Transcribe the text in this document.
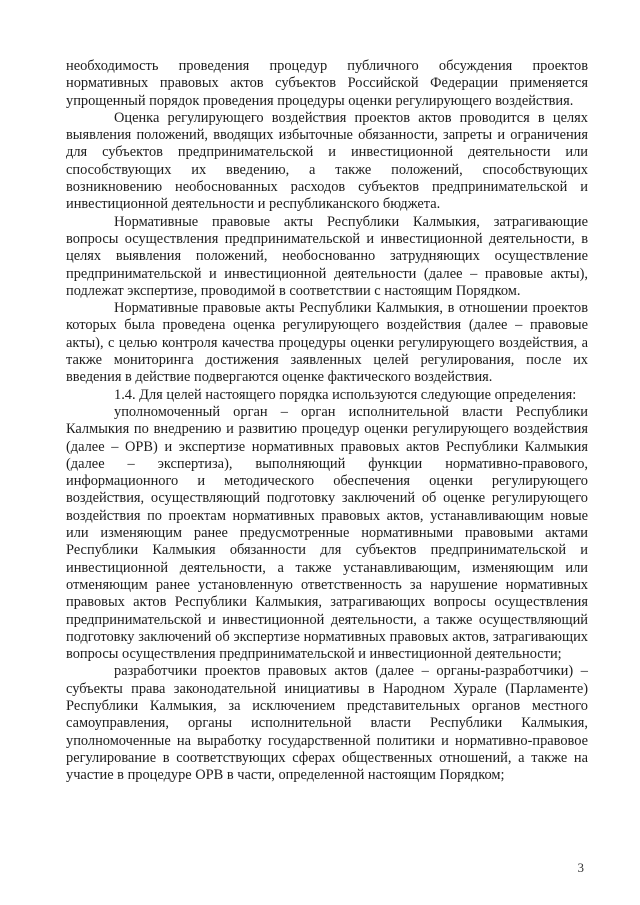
необходимость проведения процедур публичного обсуждения проектов нормативных правовых актов субъектов Российской Федерации применяется упрощенный порядок проведения процедуры оценки регулирующего воздействия.

Оценка регулирующего воздействия проектов актов проводится в целях выявления положений, вводящих избыточные обязанности, запреты и ограничения для субъектов предпринимательской и инвестиционной деятельности или способствующих их введению, а также положений, способствующих возникновению необоснованных расходов субъектов предпринимательской и инвестиционной деятельности и республиканского бюджета.

Нормативные правовые акты Республики Калмыкия, затрагивающие вопросы осуществления предпринимательской и инвестиционной деятельности, в целях выявления положений, необоснованно затрудняющих осуществление предпринимательской и инвестиционной деятельности (далее – правовые акты), подлежат экспертизе, проводимой в соответствии с настоящим Порядком.

Нормативные правовые акты Республики Калмыкия, в отношении проектов которых была проведена оценка регулирующего воздействия (далее – правовые акты), с целью контроля качества процедуры оценки регулирующего воздействия, а также мониторинга достижения заявленных целей регулирования, после их введения в действие подвергаются оценке фактического воздействия.

1.4. Для целей настоящего порядка используются следующие определения:

уполномоченный орган – орган исполнительной власти Республики Калмыкия по внедрению и развитию процедур оценки регулирующего воздействия (далее – ОРВ) и экспертизе нормативных правовых актов Республики Калмыкия (далее – экспертиза), выполняющий функции нормативно-правового, информационного и методического обеспечения оценки регулирующего воздействия, осуществляющий подготовку заключений об оценке регулирующего воздействия по проектам нормативных правовых актов, устанавливающим новые или изменяющим ранее предусмотренные нормативными правовыми актами Республики Калмыкия обязанности для субъектов предпринимательской и инвестиционной деятельности, а также устанавливающим, изменяющим или отменяющим ранее установленную ответственность за нарушение нормативных правовых актов Республики Калмыкия, затрагивающих вопросы осуществления предпринимательской и инвестиционной деятельности, а также осуществляющий подготовку заключений об экспертизе нормативных правовых актов, затрагивающих вопросы осуществления предпринимательской и инвестиционной деятельности;

разработчики проектов правовых актов (далее – органы-разработчики) – субъекты права законодательной инициативы в Народном Хурале (Парламенте) Республики Калмыкия, за исключением представительных органов местного самоуправления, органы исполнительной власти Республики Калмыкия, уполномоченные на выработку государственной политики и нормативно-правовое регулирование в соответствующих сферах общественных отношений, а также на участие в процедуре ОРВ в части, определенной настоящим Порядком;

3
